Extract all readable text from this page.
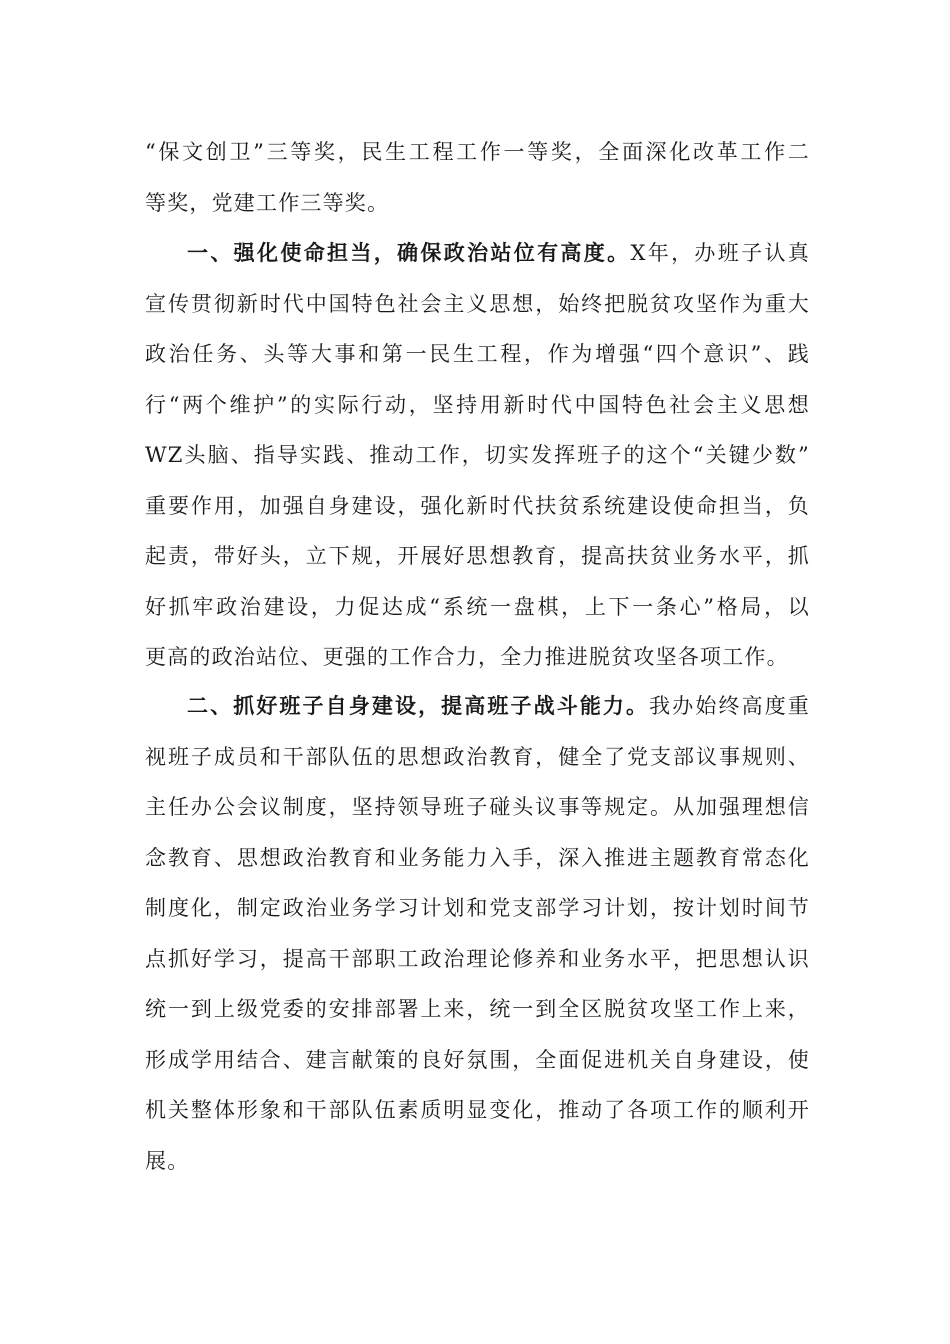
“保文创卫”三等奖，民生工程工作一等奖，全面深化改革工作二
等奖，党建工作三等奖。
一、强化使命担当，确保政治站位有高度。X年，办班子认真
宣传贯彻新时代中国特色社会主义思想，始终把脱贫攻坚作为重大
政治任务、头等大事和第一民生工程，作为增强“四个意识”、践
行“两个维护”的实际行动，坚持用新时代中国特色社会主义思想
WZ头脑、指导实践、推动工作，切实发挥班子的这个“关键少数”
重要作用，加强自身建设，强化新时代扶贫系统建设使命担当，负
起责，带好头，立下规，开展好思想教育，提高扶贫业务水平，抓
好抓牢政治建设，力促达成“系统一盘棋，上下一条心”格局，以
更高的政治站位、更强的工作合力，全力推进脱贫攻坚各项工作。
二、抓好班子自身建设，提高班子战斗能力。我办始终高度重
视班子成员和干部队伍的思想政治教育，健全了党支部议事规则、
主任办公会议制度，坚持领导班子碰头议事等规定。从加强理想信
念教育、思想政治教育和业务能力入手，深入推进主题教育常态化
制度化，制定政治业务学习计划和党支部学习计划，按计划时间节
点抓好学习，提高干部职工政治理论修养和业务水平，把思想认识
统一到上级党委的安排部署上来，统一到全区脱贫攻坚工作上来，
形成学用结合、建言献策的良好氛围，全面促进机关自身建设，使
机关整体形象和干部队伍素质明显变化，推动了各项工作的顺利开
展。
